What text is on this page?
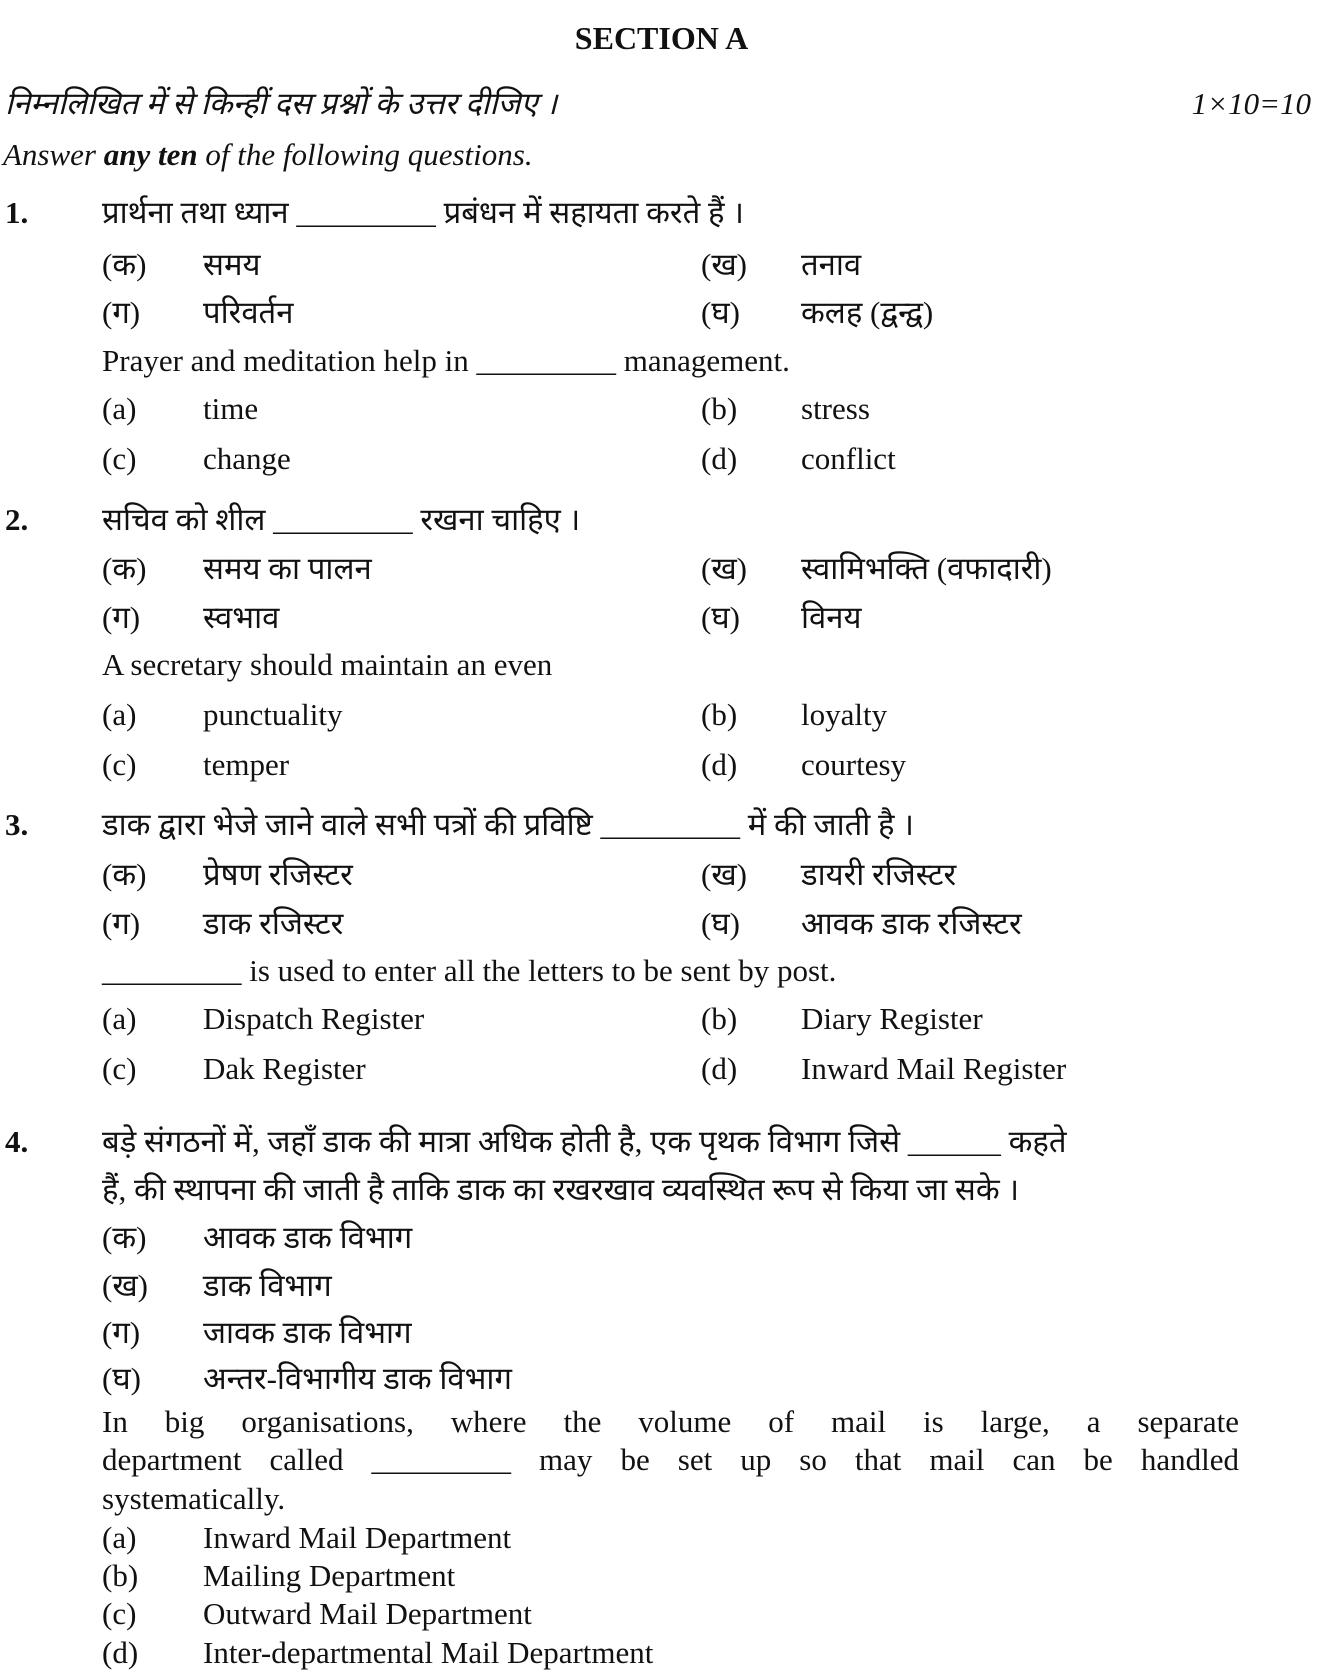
SECTION A
निम्नलिखित में से किन्हीं दस प्रश्नों के उत्तर दीजिए ।	1×10=10
Answer any ten of the following questions.
1. प्रार्थना तथा ध्यान _________ प्रबंधन में सहायता करते हैं ।
(क) समय	(ख) तनाव
(ग) परिवर्तन	(घ) कलह (द्वन्द्व)
Prayer and meditation help in _________ management.
(a) time	(b) stress
(c) change	(d) conflict
2. सचिव को शील _________ रखना चाहिए ।
(क) समय का पालन	(ख) स्वामिभक्ति (वफादारी)
(ग) स्वभाव	(घ) विनय
A secretary should maintain an even
(a) punctuality	(b) loyalty
(c) temper	(d) courtesy
3. डाक द्वारा भेजे जाने वाले सभी पत्रों की प्रविष्टि _________ में की जाती है ।
(क) प्रेषण रजिस्टर	(ख) डायरी रजिस्टर
(ग) डाक रजिस्टर	(घ) आवक डाक रजिस्टर
_________ is used to enter all the letters to be sent by post.
(a) Dispatch Register	(b) Diary Register
(c) Dak Register	(d) Inward Mail Register
4. बड़े संगठनों में, जहाँ डाक की मात्रा अधिक होती है, एक पृथक विभाग जिसे ______ कहते
हैं, की स्थापना की जाती है ताकि डाक का रखरखाव व्यवस्थित रूप से किया जा सके ।
(क) आवक डाक विभाग
(ख) डाक विभाग
(ग) जावक डाक विभाग
(घ) अन्तर-विभागीय डाक विभाग
In big organisations, where the volume of mail is large, a separate
department called _________ may be set up so that mail can be handled
systematically.
(a) Inward Mail Department
(b) Mailing Department
(c) Outward Mail Department
(d) Inter-departmental Mail Department
